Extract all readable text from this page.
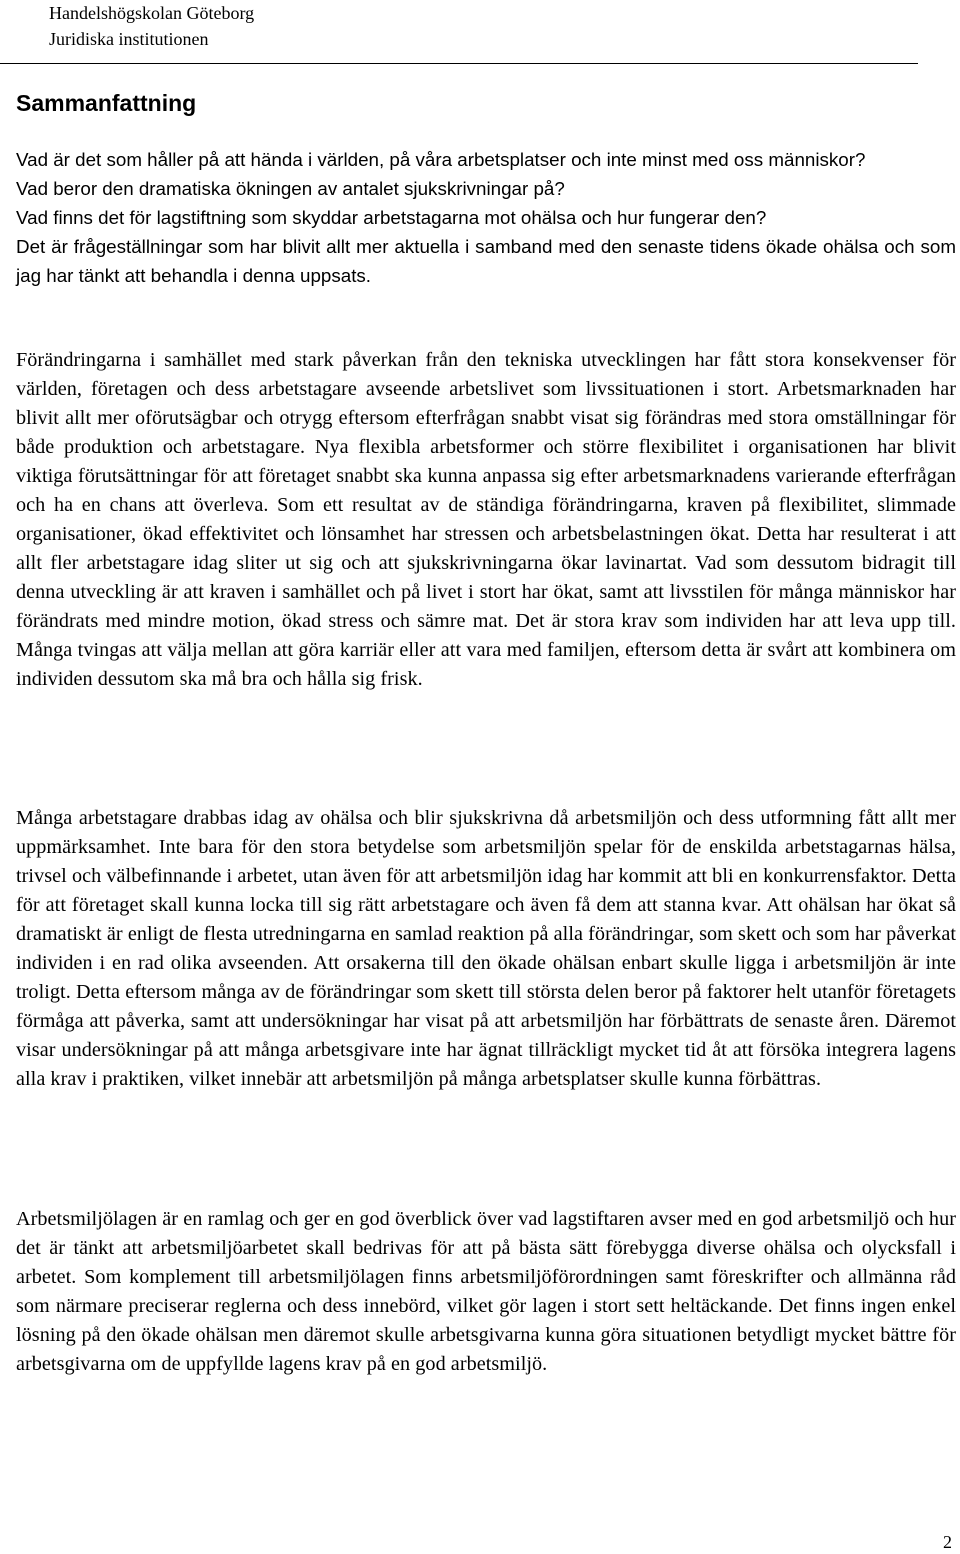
Handelshögskolan Göteborg
Juridiska institutionen
Sammanfattning
Vad är det som håller på att hända i världen, på våra arbetsplatser och inte minst med oss människor?
Vad beror den dramatiska ökningen av antalet sjukskrivningar på?
Vad finns det för lagstiftning som skyddar arbetstagarna mot ohälsa och hur fungerar den?
Det är frågeställningar som har blivit allt mer aktuella i samband med den senaste tidens ökade ohälsa och som jag har tänkt att behandla i denna uppsats.

Förändringarna i samhället med stark påverkan från den tekniska utvecklingen har fått stora konsekvenser för världen, företagen och dess arbetstagare avseende arbetslivet som livssituationen i stort. Arbetsmarknaden har blivit allt mer oförutsägbar och otrygg eftersom efterfrågan snabbt visat sig förändras med stora omställningar för både produktion och arbetstagare. Nya flexibla arbetsformer och större flexibilitet i organisationen har blivit viktiga förutsättningar för att företaget snabbt ska kunna anpassa sig efter arbetsmarknadens varierande efterfrågan och ha en chans att överleva. Som ett resultat av de ständiga förändringarna, kraven på flexibilitet, slimmade organisationer, ökad effektivitet och lönsamhet har stressen och arbetsbelastningen ökat. Detta har resulterat i att allt fler arbetstagare idag sliter ut sig och att sjukskrivningarna ökar lavinartat. Vad som dessutom bidragit till denna utveckling är att kraven i samhället och på livet i stort har ökat, samt att livsstilen för många människor har förändrats med mindre motion, ökad stress och sämre mat. Det är stora krav som individen har att leva upp till. Många tvingas att välja mellan att göra karriär eller att vara med familjen, eftersom detta är svårt att kombinera om individen dessutom ska må bra och hålla sig frisk.

Många arbetstagare drabbas idag av ohälsa och blir sjukskrivna då arbetsmiljön och dess utformning fått allt mer uppmärksamhet. Inte bara för den stora betydelse som arbetsmiljön spelar för de enskilda arbetstagarnas hälsa, trivsel och välbefinnande i arbetet, utan även för att arbetsmiljön idag har kommit att bli en konkurrensfaktor. Detta för att företaget skall kunna locka till sig rätt arbetstagare och även få dem att stanna kvar. Att ohälsan har ökat så dramatiskt är enligt de flesta utredningarna en samlad reaktion på alla förändringar, som skett och som har påverkat individen i en rad olika avseenden. Att orsakerna till den ökade ohälsan enbart skulle ligga i arbetsmiljön är inte troligt. Detta eftersom många av de förändringar som skett till största delen beror på faktorer helt utanför företagets förmåga att påverka, samt att undersökningar har visat på att arbetsmiljön har förbättrats de senaste åren. Däremot visar undersökningar på att många arbetsgivare inte har ägnat tillräckligt mycket tid åt att försöka integrera lagens alla krav i praktiken, vilket innebär att arbetsmiljön på många arbetsplatser skulle kunna förbättras.

Arbetsmiljölagen är en ramlag och ger en god överblick över vad lagstiftaren avser med en god arbetsmiljö och hur det är tänkt att arbetsmiljöarbetet skall bedrivas för att på bästa sätt förebygga diverse ohälsa och olycksfall i arbetet. Som komplement till arbetsmiljölagen finns arbetsmiljöförordningen samt föreskrifter och allmänna råd som närmare preciserar reglerna och dess innebörd, vilket gör lagen i stort sett heltäckande. Det finns ingen enkel lösning på den ökade ohälsan men däremot skulle arbetsgivarna kunna göra situationen betydligt mycket bättre för arbetsgivarna om de uppfyllde lagens krav på en god arbetsmiljö.

2
